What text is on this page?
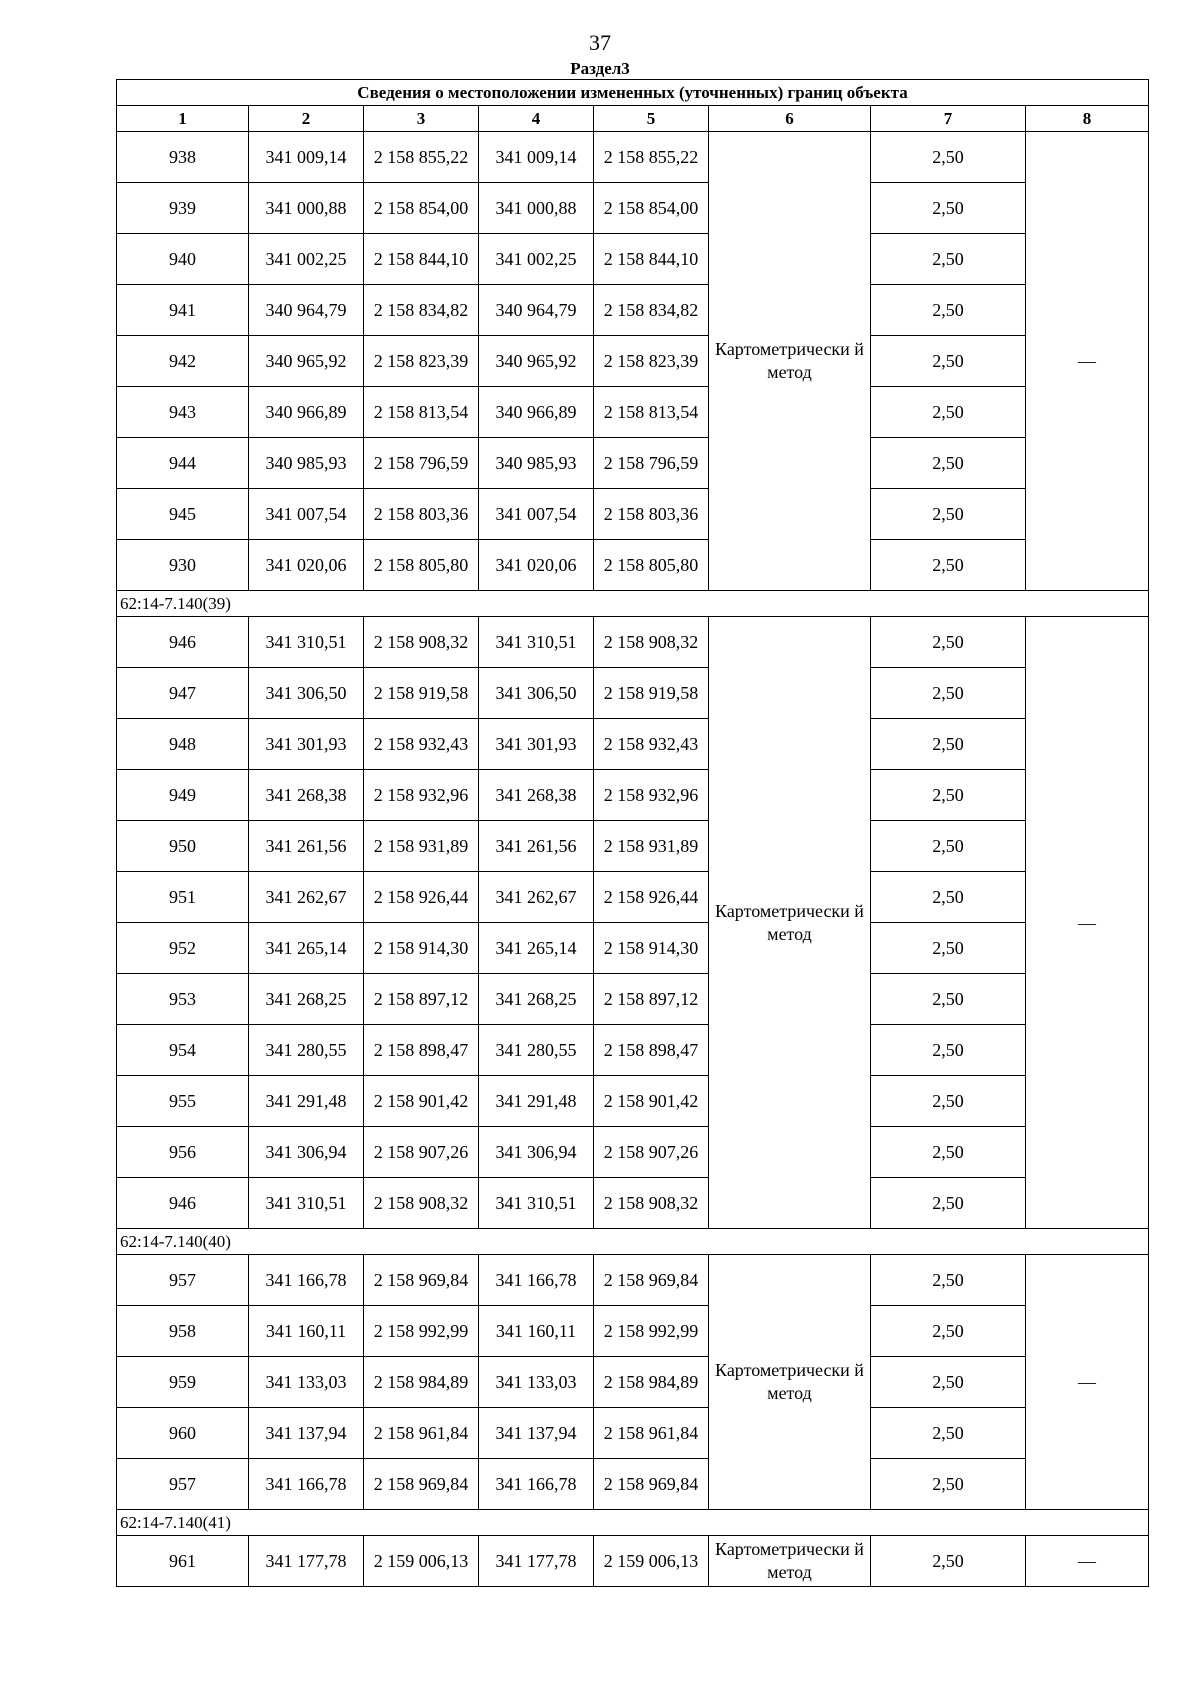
37
Раздел3
Сведения о местоположении измененных (уточненных) границ объекта							
1	2	3	4	5	6	7	8
938	341 009,14	2 158 855,22	341 009,14	2 158 855,22	Картометрически й метод	2,50	—
939	341 000,88	2 158 854,00	341 000,88	2 158 854,00		2,50	
940	341 002,25	2 158 844,10	341 002,25	2 158 844,10		2,50	
941	340 964,79	2 158 834,82	340 964,79	2 158 834,82		2,50	
942	340 965,92	2 158 823,39	340 965,92	2 158 823,39		2,50	
943	340 966,89	2 158 813,54	340 966,89	2 158 813,54		2,50	
944	340 985,93	2 158 796,59	340 985,93	2 158 796,59		2,50	
945	341 007,54	2 158 803,36	341 007,54	2 158 803,36		2,50	
930	341 020,06	2 158 805,80	341 020,06	2 158 805,80		2,50	
62:14-7.140(39)							
946	341 310,51	2 158 908,32	341 310,51	2 158 908,32	Картометрически й метод	2,50	—
947	341 306,50	2 158 919,58	341 306,50	2 158 919,58		2,50	
948	341 301,93	2 158 932,43	341 301,93	2 158 932,43		2,50	
949	341 268,38	2 158 932,96	341 268,38	2 158 932,96		2,50	
950	341 261,56	2 158 931,89	341 261,56	2 158 931,89		2,50	
951	341 262,67	2 158 926,44	341 262,67	2 158 926,44		2,50	
952	341 265,14	2 158 914,30	341 265,14	2 158 914,30		2,50	
953	341 268,25	2 158 897,12	341 268,25	2 158 897,12		2,50	
954	341 280,55	2 158 898,47	341 280,55	2 158 898,47		2,50	
955	341 291,48	2 158 901,42	341 291,48	2 158 901,42		2,50	
956	341 306,94	2 158 907,26	341 306,94	2 158 907,26		2,50	
946	341 310,51	2 158 908,32	341 310,51	2 158 908,32		2,50	
62:14-7.140(40)							
957	341 166,78	2 158 969,84	341 166,78	2 158 969,84	Картометрически й метод	2,50	—
958	341 160,11	2 158 992,99	341 160,11	2 158 992,99		2,50	
959	341 133,03	2 158 984,89	341 133,03	2 158 984,89		2,50	
960	341 137,94	2 158 961,84	341 137,94	2 158 961,84		2,50	
957	341 166,78	2 158 969,84	341 166,78	2 158 969,84		2,50	
62:14-7.140(41)							
961	341 177,78	2 159 006,13	341 177,78	2 159 006,13	Картометрически й метод	2,50	—
